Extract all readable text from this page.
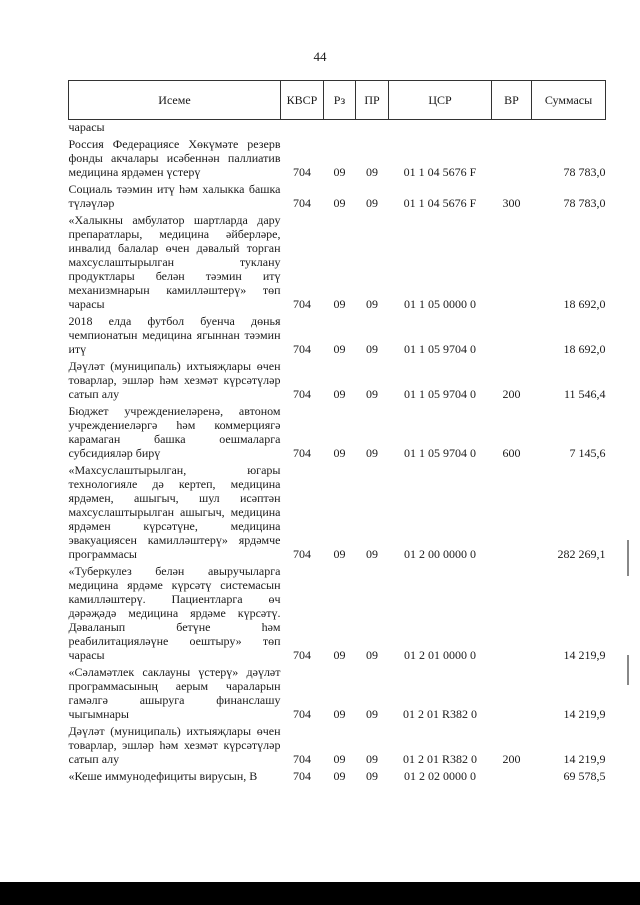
44
Исеме	КВСР	Рз	ПР	ЦСР	ВР	Суммасы
чарасы						
Россия Федерациясе Хөкүмәте резерв фонды акчалары исәбеннән паллиатив медицина ярдәмен үстерү	704	09	09	01 1 04 5676 F		78 783,0
Социаль тәэмин итү һәм халыкка башка түләүләр	704	09	09	01 1 04 5676 F	300	78 783,0
«Халыкны амбулатор шартларда дару препаратлары, медицина әйберләре, инвалид балалар өчен дәвалый торган махсуслаштырылган туклану продуктлары белән тәэмин итү механизмнарын камилләштерү» төп чарасы	704	09	09	01 1 05 0000 0		18 692,0
2018 елда футбол буенча дөнья чемпионатын медицина ягыннан тәэмин итү	704	09	09	01 1 05 9704 0		18 692,0
Дәүләт (муниципаль) ихтыяҗлары өчен товарлар, эшләр һәм хезмәт күрсәтүләр сатып алу	704	09	09	01 1 05 9704 0	200	11 546,4
Бюджет учреждениеләренә, автоном учреждениеләргә һәм коммерциягә карамаган башка оешмаларга субсидияләр бирү	704	09	09	01 1 05 9704 0	600	7 145,6
«Махсуслаштырылган, югары технологияле дә кертеп, медицина ярдәмен, ашыгыч, шул исәптән махсуслаштырылган ашыгыч, медицина ярдәмен күрсәтүне, медицина эвакуациясен камилләштерү» ярдәмче программасы	704	09	09	01 2 00 0000 0		282 269,1
«Туберкулез белән авыручыларга медицина ярдәме күрсәтү системасын камилләштерү. Пациентларга өч дәрәҗәдә медицина ярдәме күрсәтү. Дәваланып бетүне һәм реабилитацияләүне оештыру» төп чарасы	704	09	09	01 2 01 0000 0		14 219,9
«Сәламәтлек саклауны үстерү» дәүләт программасының аерым чараларын гамәлгә ашыруга финанслашу чыгымнары	704	09	09	01 2 01 R382 0		14 219,9
Дәүләт (муниципаль) ихтыяҗлары өчен товарлар, эшләр һәм хезмәт күрсәтүләр сатып алу	704	09	09	01 2 01 R382 0	200	14 219,9
«Кеше иммунодефициты вирусын, В	704	09	09	01 2 02 0000 0		69 578,5
